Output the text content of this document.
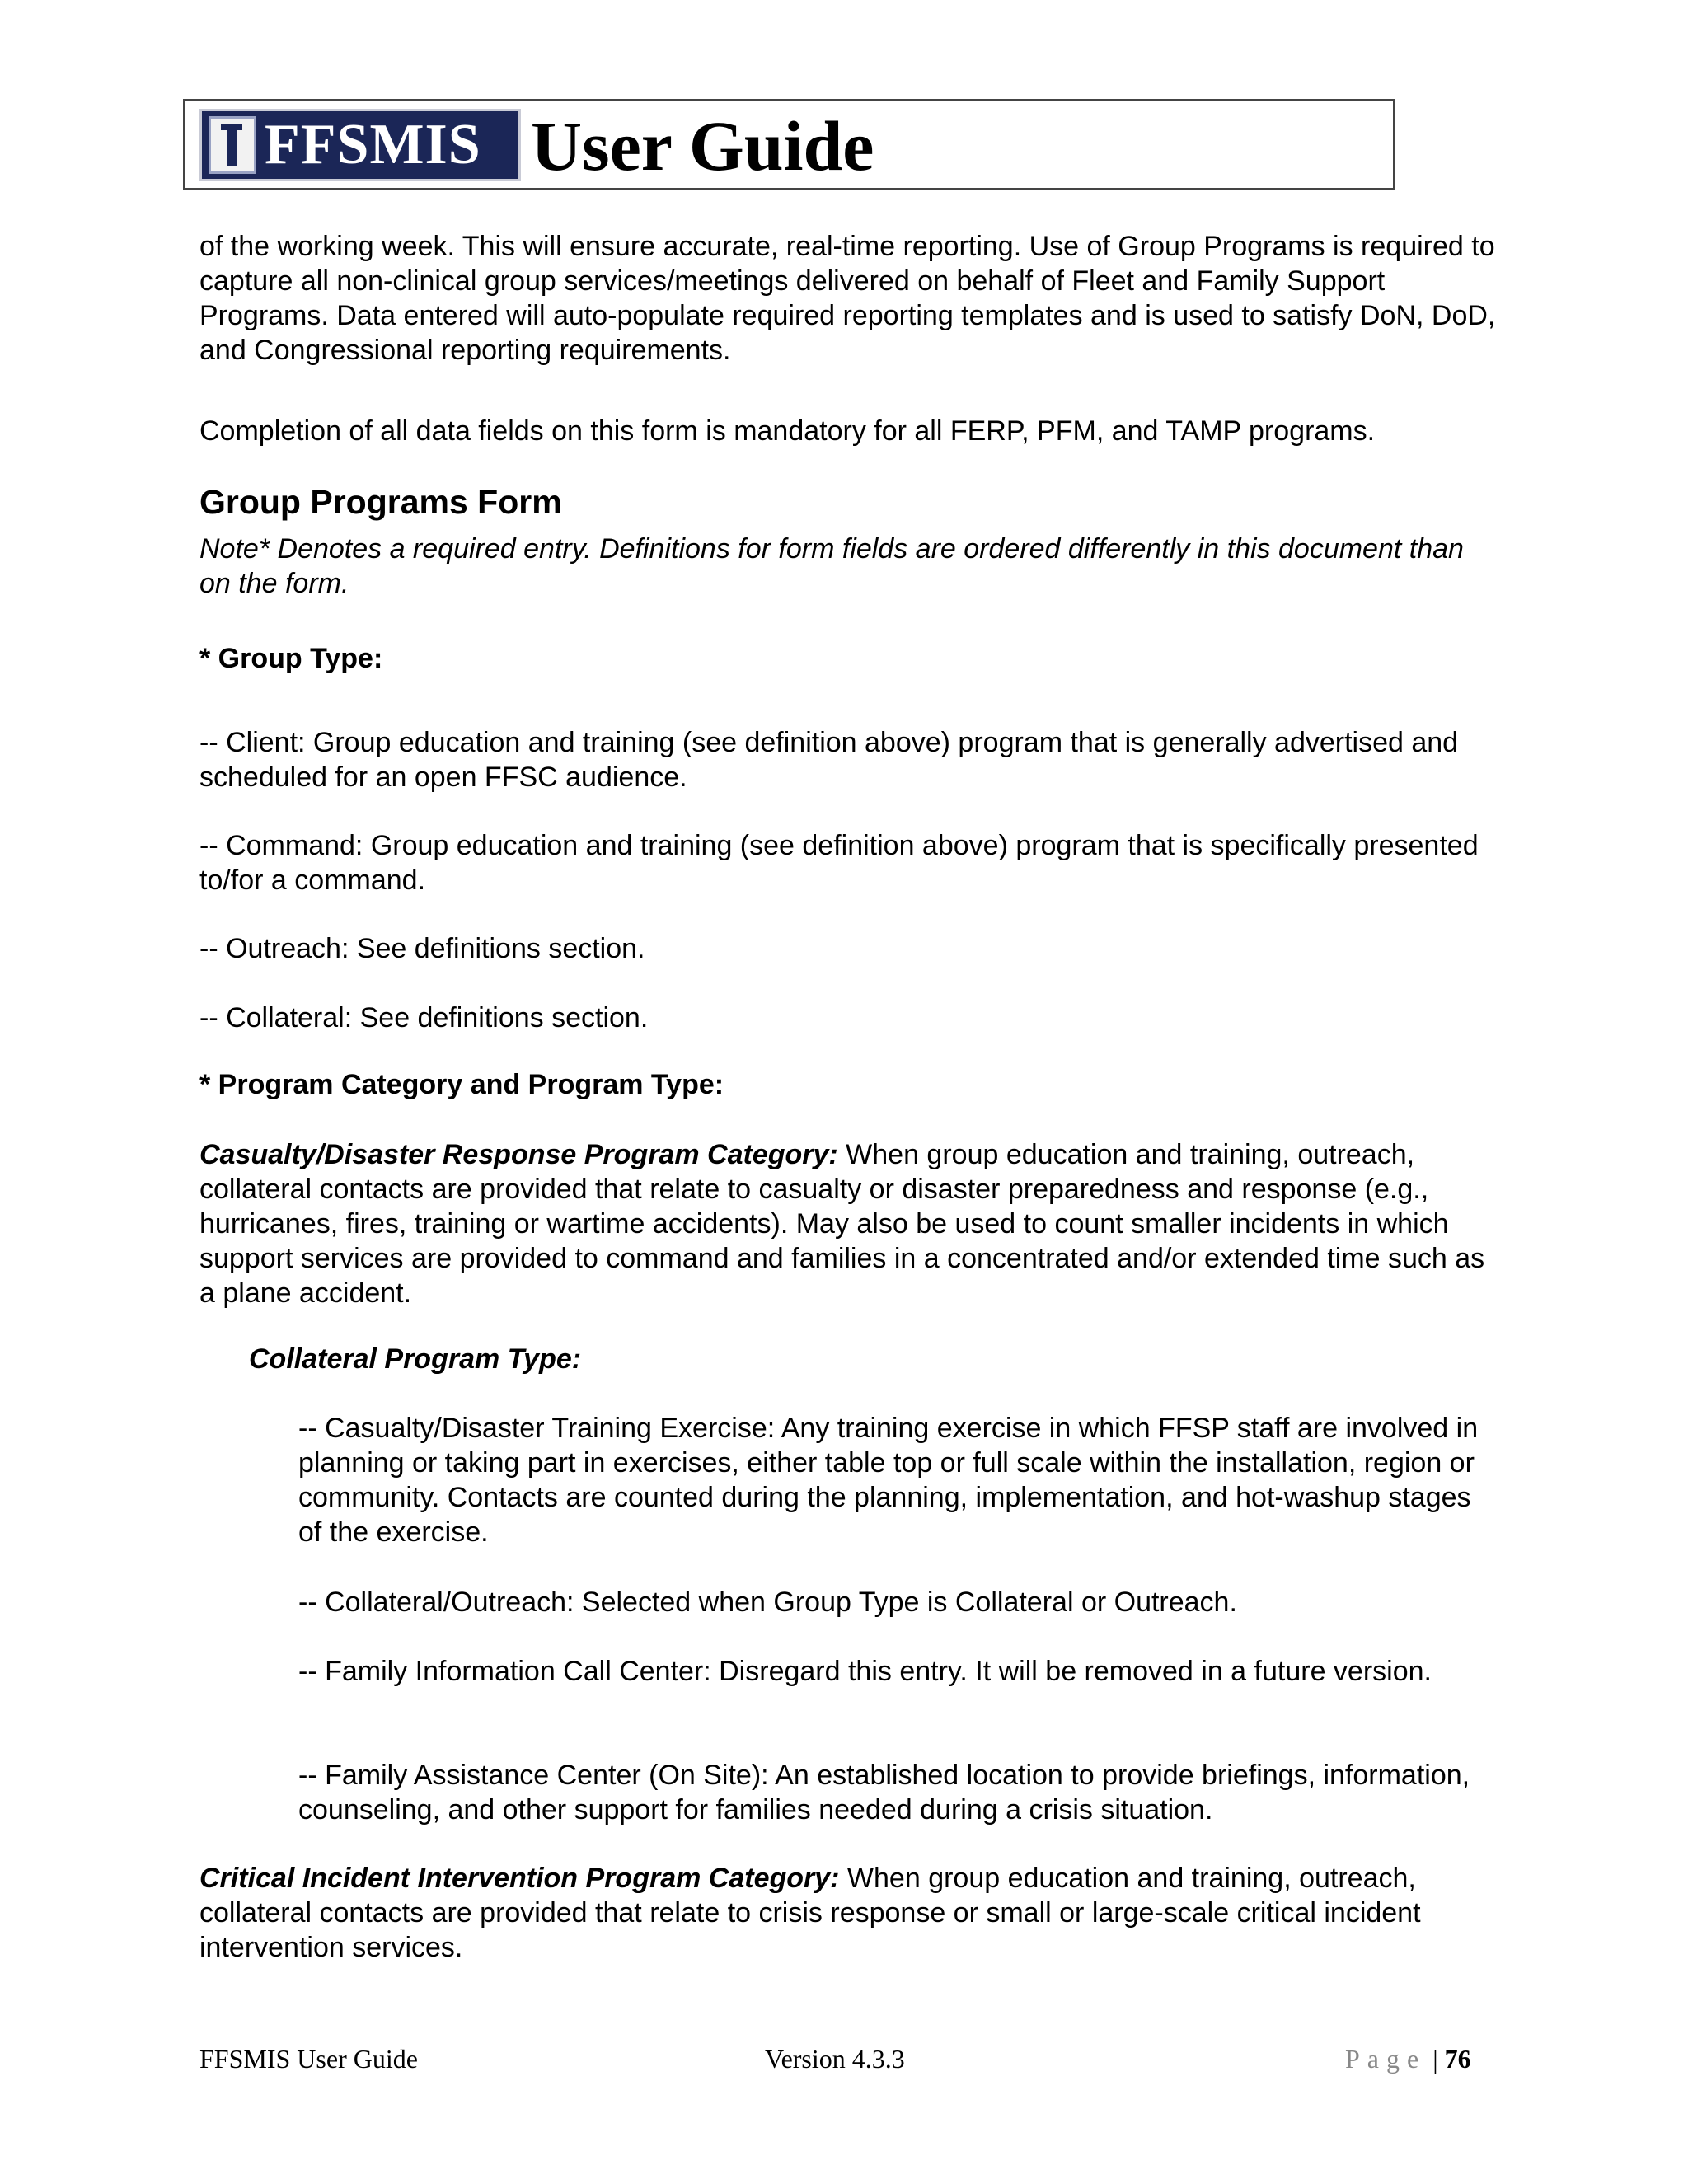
FFSMIS User Guide

of the working week. This will ensure accurate, real-time reporting. Use of Group Programs is required to capture all non-clinical group services/meetings delivered on behalf of Fleet and Family Support Programs. Data entered will auto-populate required reporting templates and is used to satisfy DoN, DoD, and Congressional reporting requirements.

Completion of all data fields on this form is mandatory for all FERP, PFM, and TAMP programs.

Group Programs Form

Note* Denotes a required entry. Definitions for form fields are ordered differently in this document than on the form.

* Group Type:

-- Client: Group education and training (see definition above) program that is generally advertised and scheduled for an open FFSC audience.

-- Command: Group education and training (see definition above) program that is specifically presented to/for a command.

-- Outreach: See definitions section.

-- Collateral: See definitions section.

* Program Category and Program Type:

Casualty/Disaster Response Program Category: When group education and training, outreach, collateral contacts are provided that relate to casualty or disaster preparedness and response (e.g., hurricanes, fires, training or wartime accidents). May also be used to count smaller incidents in which support services are provided to command and families in a concentrated and/or extended time such as a plane accident.

Collateral Program Type:

-- Casualty/Disaster Training Exercise: Any training exercise in which FFSP staff are involved in planning or taking part in exercises, either table top or full scale within the installation, region or community. Contacts are counted during the planning, implementation, and hot-washup stages of the exercise.

-- Collateral/Outreach: Selected when Group Type is Collateral or Outreach.

-- Family Information Call Center: Disregard this entry. It will be removed in a future version.

-- Family Assistance Center (On Site): An established location to provide briefings, information, counseling, and other support for families needed during a crisis situation.

Critical Incident Intervention Program Category: When group education and training, outreach, collateral contacts are provided that relate to crisis response or small or large-scale critical incident intervention services.

FFSMIS User Guide	Version 4.3.3	Page | 76
